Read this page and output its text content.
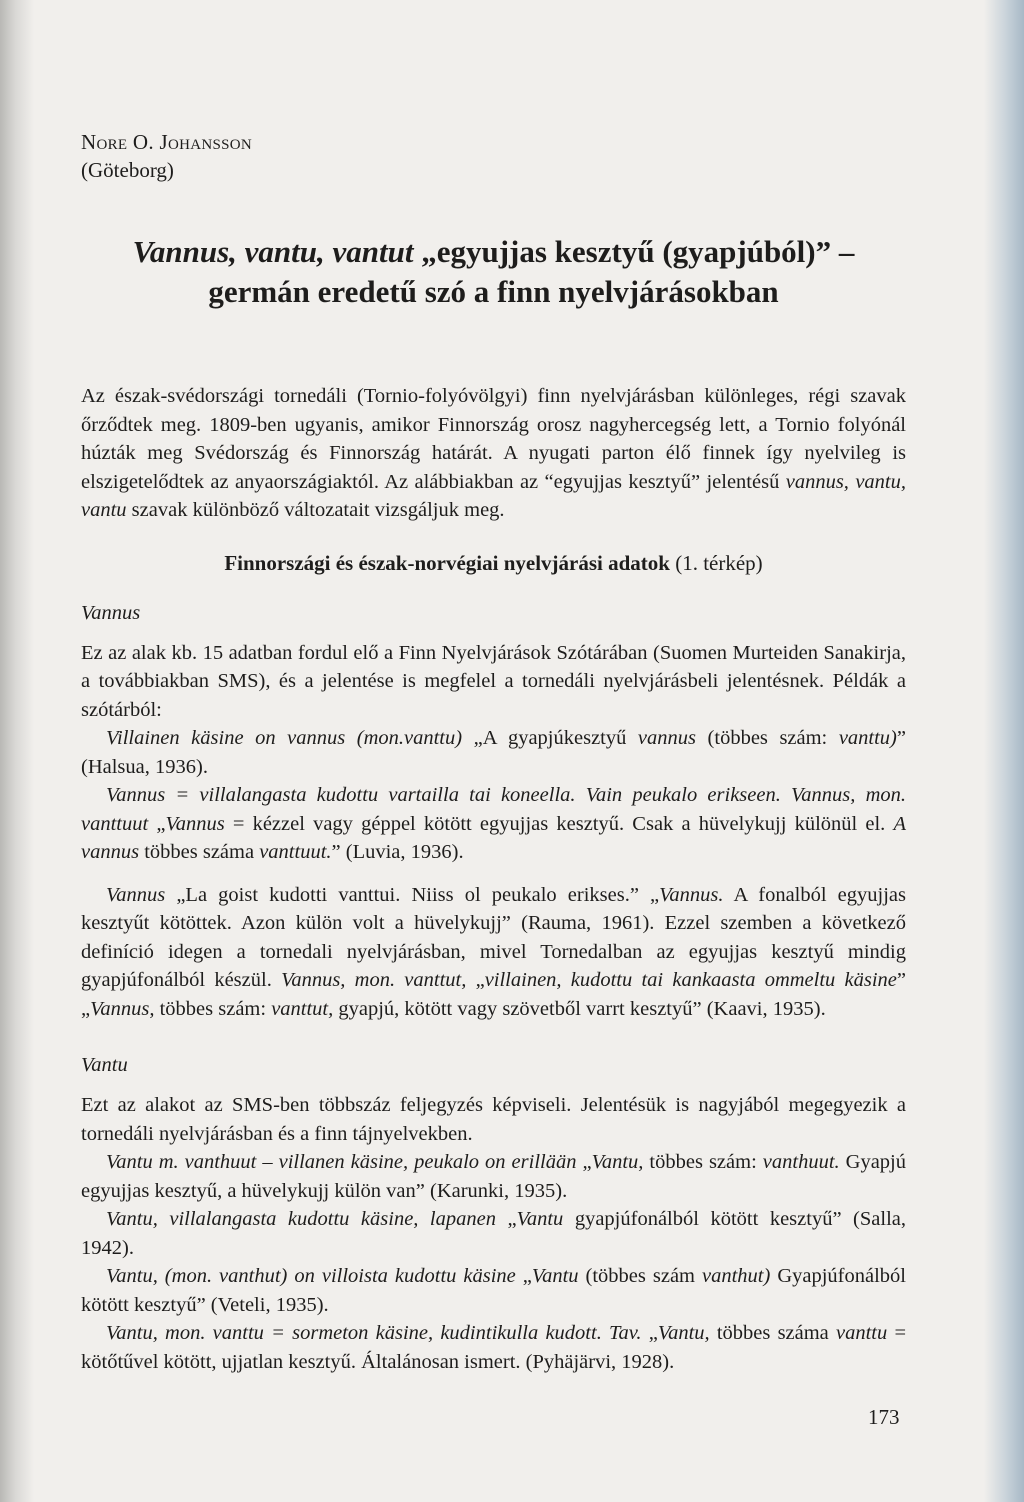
Nore O. Johansson
(Göteborg)
Vannus, vantu, vantut „egyujjas kesztyű (gyapjúból)” –
germán eredetű szó a finn nyelvjárásokban

Az észak-svédországi tornedáli (Tornio-folyóvölgyi) finn nyelvjárásban különleges, régi szavak őrződtek meg. 1809-ben ugyanis, amikor Finnország orosz nagyhercegség lett, a Tornio folyónál húzták meg Svédország és Finnország határát. A nyugati parton élő finnek így nyelvileg is elszigetelődtek az anyaországiaktól. Az alábbiakban az “egyujjas kesztyű” jelentésű vannus, vantu, vantu szavak különböző változatait vizsgáljuk meg.

Finnországi és észak-norvégiai nyelvjárási adatok (1. térkép)
Vannus

Ez az alak kb. 15 adatban fordul elő a Finn Nyelvjárások Szótárában (Suomen Murteiden Sanakirja, a továbbiakban SMS), és a jelentése is megfelel a tornedáli nyelvjárásbeli jelentésnek. Példák a szótárból:

Villainen käsine on vannus (mon.vanttu) „A gyapjúkesztyű vannus (többes szám: vanttu)” (Halsua, 1936).

Vannus = villalangasta kudottu vartailla tai koneella. Vain peukalo erikseen. Vannus, mon. vanttuut „Vannus = kézzel vagy géppel kötött egyujjas kesztyű. Csak a hüvelykujj különül el. A vannus többes száma vanttuut.” (Luvia, 1936).

Vannus „La goist kudotti vanttui. Niiss ol peukalo erikses.” „Vannus. A fonalból egyujjas kesztyűt kötöttek. Azon külön volt a hüvelykujj” (Rauma, 1961). Ezzel szemben a következő definíció idegen a tornedali nyelvjárásban, mivel Tornedalban az egyujjas kesztyű mindig gyapjúfonálból készül. Vannus, mon. vanttut, „villainen, kudottu tai kankaasta ommeltu käsine” „Vannus, többes szám: vanttut, gyapjú, kötött vagy szövetből varrt kesztyű” (Kaavi, 1935).

Vantu

Ezt az alakot az SMS-ben többszáz feljegyzés képviseli. Jelentésük is nagyjából megegyezik a tornedáli nyelvjárásban és a finn tájnyelvekben.

Vantu m. vanthuut – villanen käsine, peukalo on erillään „Vantu, többes szám: vanthuut. Gyapjú egyujjas kesztyű, a hüvelykujj külön van” (Karunki, 1935).

Vantu, villalangasta kudottu käsine, lapanen „Vantu gyapjúfonálból kötött kesztyű” (Salla, 1942).

Vantu, (mon. vanthut) on villoista kudottu käsine „Vantu (többes szám vanthut) Gyapjúfonálból kötött kesztyű” (Veteli, 1935).

Vantu, mon. vanttu = sormeton käsine, kudintikulla kudott. Tav. „Vantu, többes száma vanttu = kötőtűvel kötött, ujjatlan kesztyű. Általánosan ismert. (Pyhäjärvi, 1928).

173
